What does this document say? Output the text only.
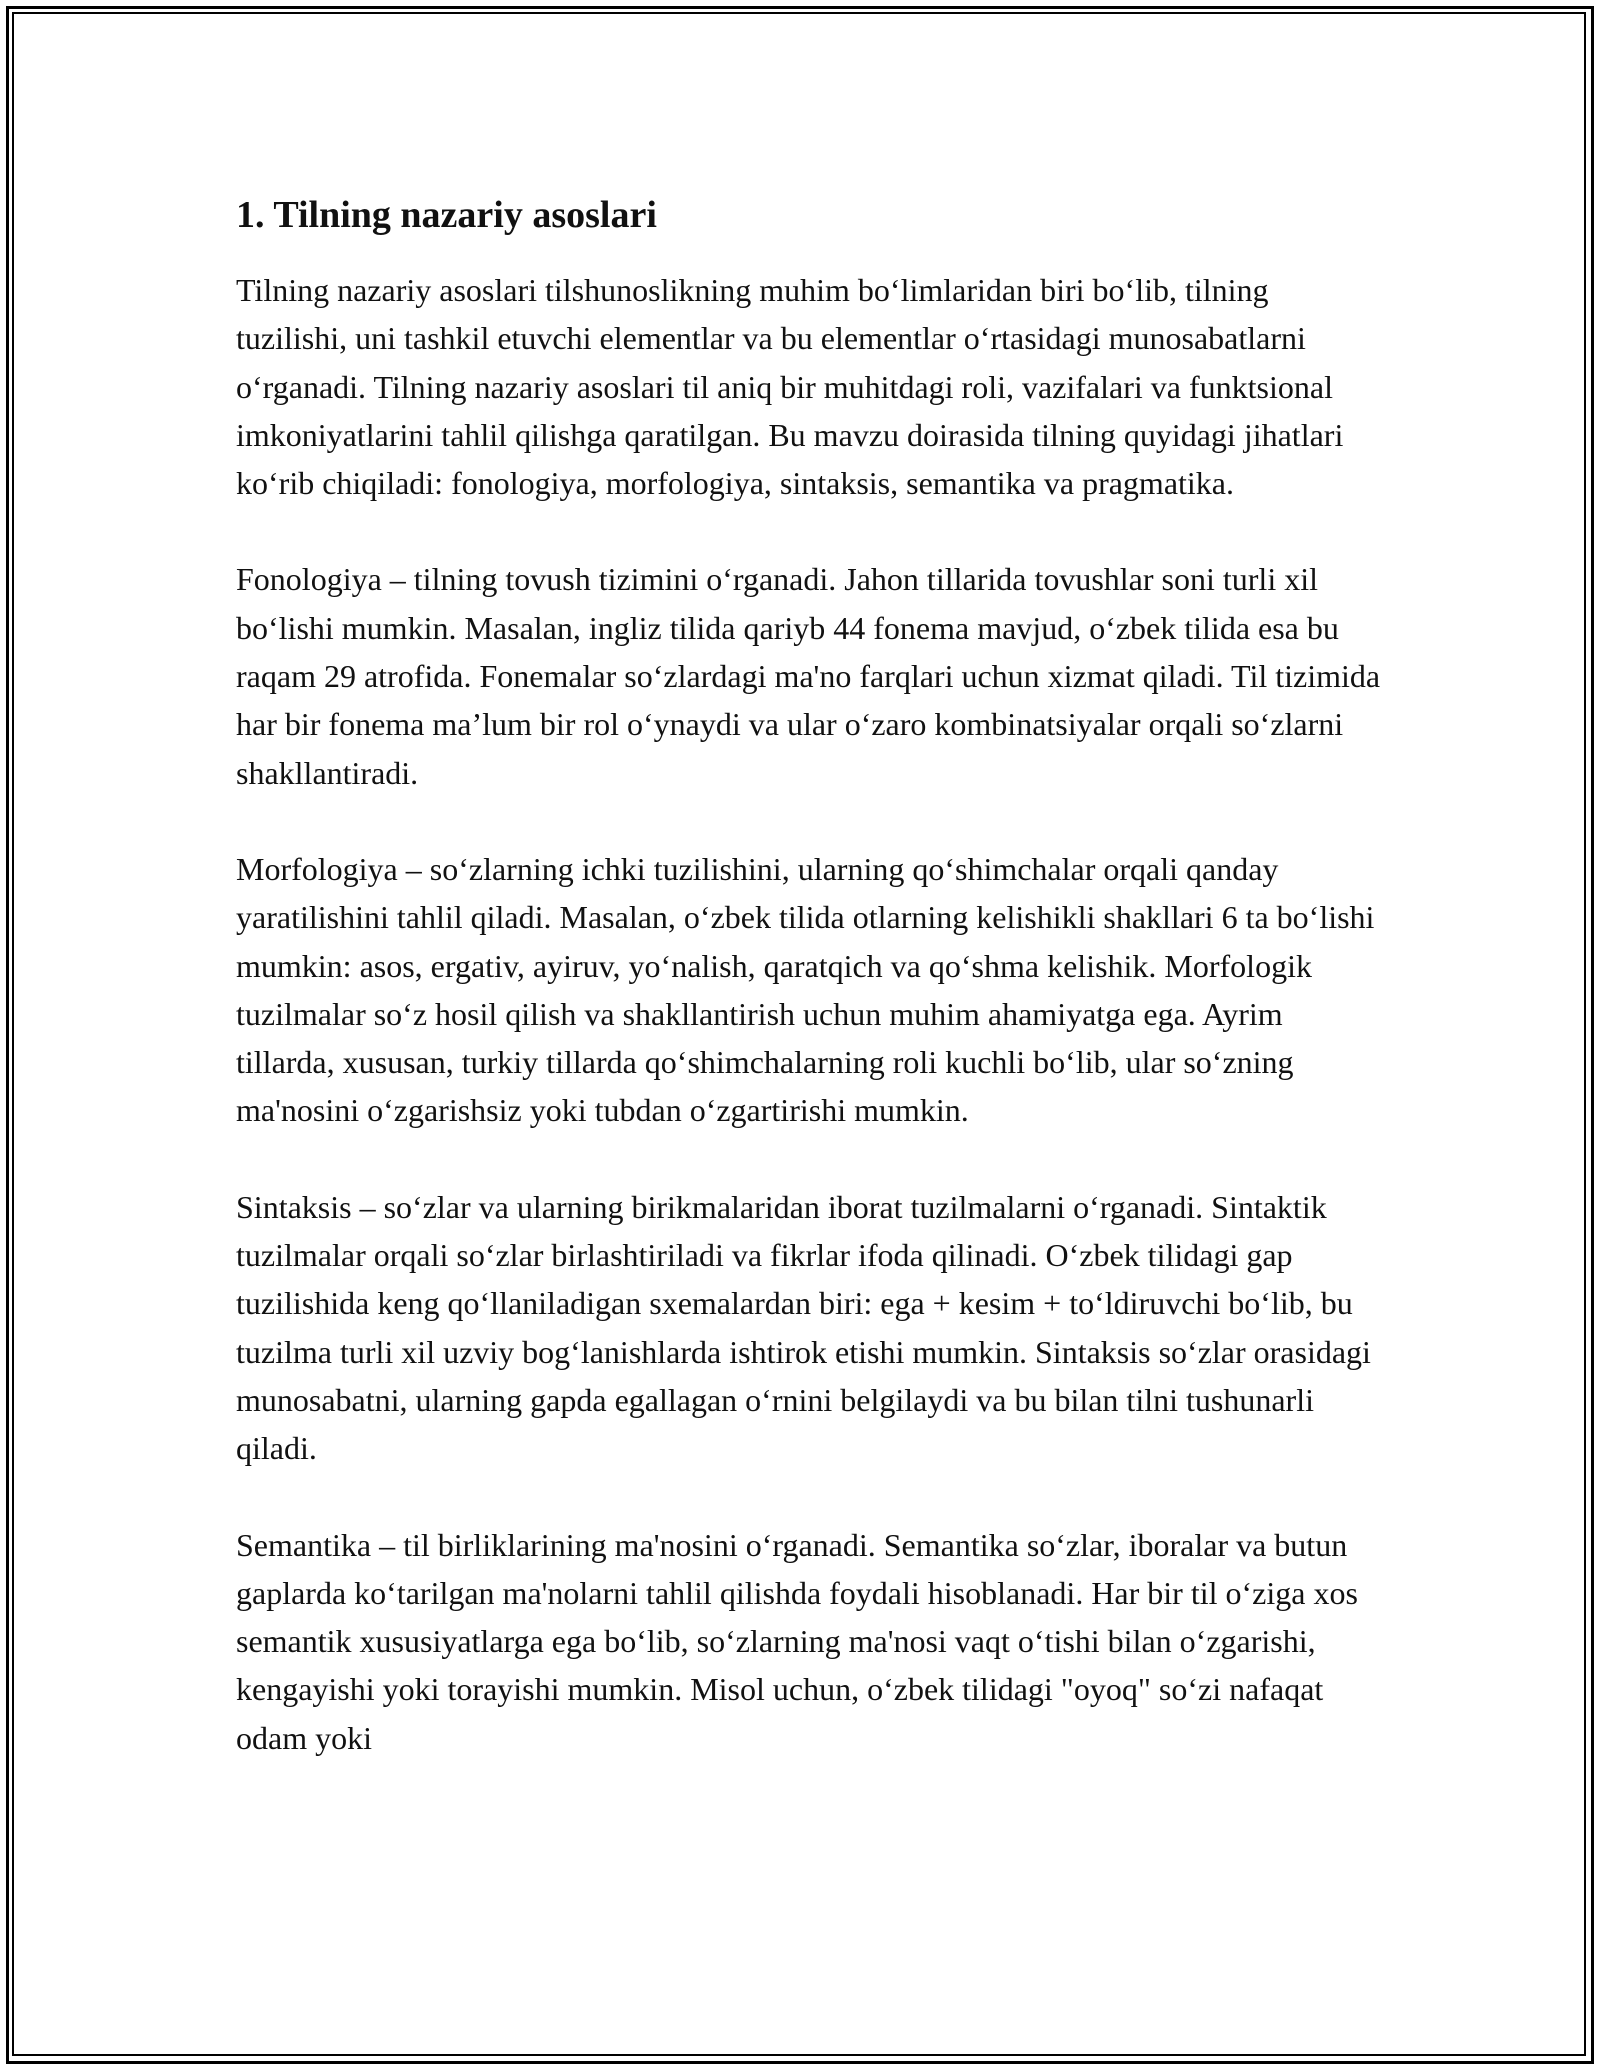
1. Tilning nazariy asoslari

Tilning nazariy asoslari tilshunoslikning muhim bo‘limlaridan biri bo‘lib, tilning tuzilishi, uni tashkil etuvchi elementlar va bu elementlar o‘rtasidagi munosabatlarni o‘rganadi. Tilning nazariy asoslari til aniq bir muhitdagi roli, vazifalari va funktsional imkoniyatlarini tahlil qilishga qaratilgan. Bu mavzu doirasida tilning quyidagi jihatlari ko‘rib chiqiladi: fonologiya, morfologiya, sintaksis, semantika va pragmatika.

Fonologiya – tilning tovush tizimini o‘rganadi. Jahon tillarida tovushlar soni turli xil bo‘lishi mumkin. Masalan, ingliz tilida qariyb 44 fonema mavjud, o‘zbek tilida esa bu raqam 29 atrofida. Fonemalar so‘zlardagi ma'no farqlari uchun xizmat qiladi. Til tizimida har bir fonema ma’lum bir rol o‘ynaydi va ular o‘zaro kombinatsiyalar orqali so‘zlarni shakllantiradi.

Morfologiya – so‘zlarning ichki tuzilishini, ularning qo‘shimchalar orqali qanday yaratilishini tahlil qiladi. Masalan, o‘zbek tilida otlarning kelishikli shakllari 6 ta bo‘lishi mumkin: asos, ergativ, ayiruv, yo‘nalish, qaratqich va qo‘shma kelishik. Morfologik tuzilmalar so‘z hosil qilish va shakllantirish uchun muhim ahamiyatga ega. Ayrim tillarda, xususan, turkiy tillarda qo‘shimchalarning roli kuchli bo‘lib, ular so‘zning ma'nosini o‘zgarishsiz yoki tubdan o‘zgartirishi mumkin.

Sintaksis – so‘zlar va ularning birikmalaridan iborat tuzilmalarni o‘rganadi. Sintaktik tuzilmalar orqali so‘zlar birlashtiriladi va fikrlar ifoda qilinadi. O‘zbek tilidagi gap tuzilishida keng qo‘llaniladigan sxemalardan biri: ega + kesim + to‘ldiruvchi bo‘lib, bu tuzilma turli xil uzviy bog‘lanishlarda ishtirok etishi mumkin. Sintaksis so‘zlar orasidagi munosabatni, ularning gapda egallagan o‘rnini belgilaydi va bu bilan tilni tushunarli qiladi.

Semantika – til birliklarining ma'nosini o‘rganadi. Semantika so‘zlar, iboralar va butun gaplarda ko‘tarilgan ma'nolarni tahlil qilishda foydali hisoblanadi. Har bir til o‘ziga xos semantik xususiyatlarga ega bo‘lib, so‘zlarning ma'nosi vaqt o‘tishi bilan o‘zgarishi, kengayishi yoki torayishi mumkin. Misol uchun, o‘zbek tilidagi "oyoq" so‘zi nafaqat odam yoki
